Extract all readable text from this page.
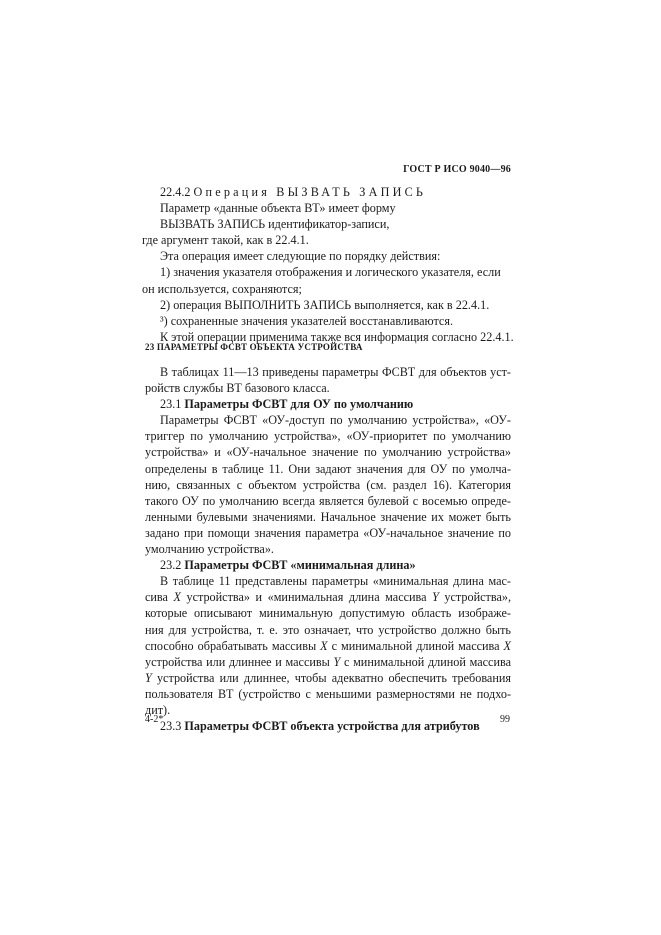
ГОСТ Р ИСО 9040—96
22.4.2 Операция ВЫЗВАТЬ ЗАПИСЬ
Параметр «данные объекта ВТ» имеет форму
ВЫЗВАТЬ ЗАПИСЬ идентификатор-записи,
где аргумент такой, как в 22.4.1.
Эта операция имеет следующие по порядку действия:
1) значения указателя отображения и логического указателя, если
он используется, сохраняются;
2) операция ВЫПОЛНИТЬ ЗАПИСЬ выполняется, как в 22.4.1.
³) сохраненные значения указателей восстанавливаются.
К этой операции применима также вся информация согласно 22.4.1.
23 ПАРАМЕТРЫ ФСВТ ОБЪЕКТА УСТРОЙСТВА
В таблицах 11—13 приведены параметры ФСВТ для объектов уст-
ройств службы ВТ базового класса.
23.1 Параметры ФСВТ для ОУ по умолчанию
Параметры ФСВТ «ОУ-доступ по умолчанию устройства», «ОУ-
триггер по умолчанию устройства», «ОУ-приоритет по умолчанию
устройства» и «ОУ-начальное значение по умолчанию устройства»
определены в таблице 11. Они задают значения для ОУ по умолча-
нию, связанных с объектом устройства (см. раздел 16). Категория
такого ОУ по умолчанию всегда является булевой с восемью опреде-
ленными булевыми значениями. Начальное значение их может быть
задано при помощи значения параметра «ОУ-начальное значение по
умолчанию устройства».
23.2 Параметры ФСВТ «минимальная длина»
В таблице 11 представлены параметры «минимальная длина мас-
сива X устройства» и «минимальная длина массива Y устройства»,
которые описывают минимальную допустимую область изображе-
ния для устройства, т. е. это означает, что устройство должно быть
способно обрабатывать массивы X с минимальной длиной массива X
устройства или длиннее и массивы Y с минимальной длиной массива
Y устройства или длиннее, чтобы адекватно обеспечить требования
пользователя ВТ (устройство с меньшими размерностями не подхо-
дит).
23.3 Параметры ФСВТ объекта устройства для атрибутов
4-2*	99
